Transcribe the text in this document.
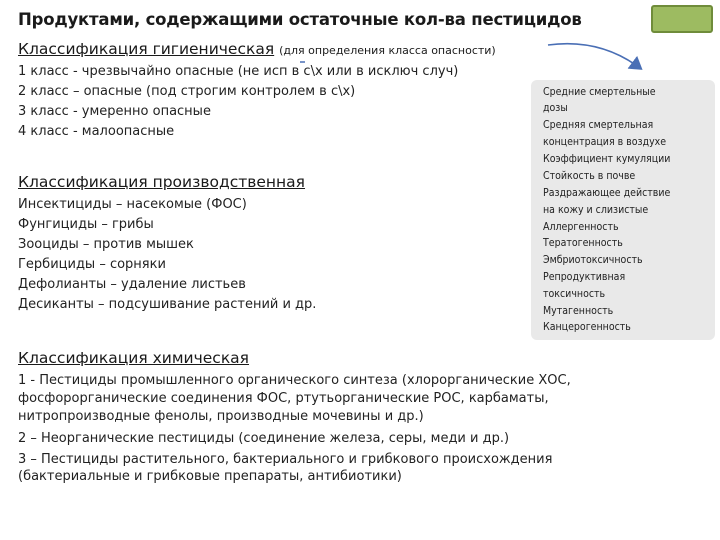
Продуктами, содержащими остаточные кол-ва пестицидов
Классификация гигиеническая (для определения класса опасности)
1 класс - чрезвычайно опасные (не исп в с\х или в исключ случ)
2 класс – опасные (под строгим контролем в с\х)
3 класс - умеренно опасные
4 класс - малоопасные
Классификация производственная
Инсектициды – насекомые (ФОС)
Фунгициды – грибы
Зооциды – против мышек
Гербициды – сорняки
Дефолианты – удаление листьев
Десиканты – подсушивание растений и др.
Средние смертельные
дозы
Средняя смертельная
концентрация в воздухе
Коэффициент кумуляции
Стойкость в почве
Раздражающее действие
на кожу и слизистые
Аллергенность
Тератогенность
Эмбриотоксичность
Репродуктивная
токсичность
Мутагенность
Канцерогенность
Классификация химическая
1 - Пестициды промышленного органического синтеза (хлорорганические ХОС,
фосфорорганические соединения ФОС, ртутьорганические РОС, карбаматы,
нитропроизводные фенолы, производные мочевины и др.)
2 – Неорганические пестициды (соединение железа, серы, меди и др.)
3 – Пестициды растительного, бактериального и грибкового происхождения
(бактериальные и грибковые препараты, антибиотики)
